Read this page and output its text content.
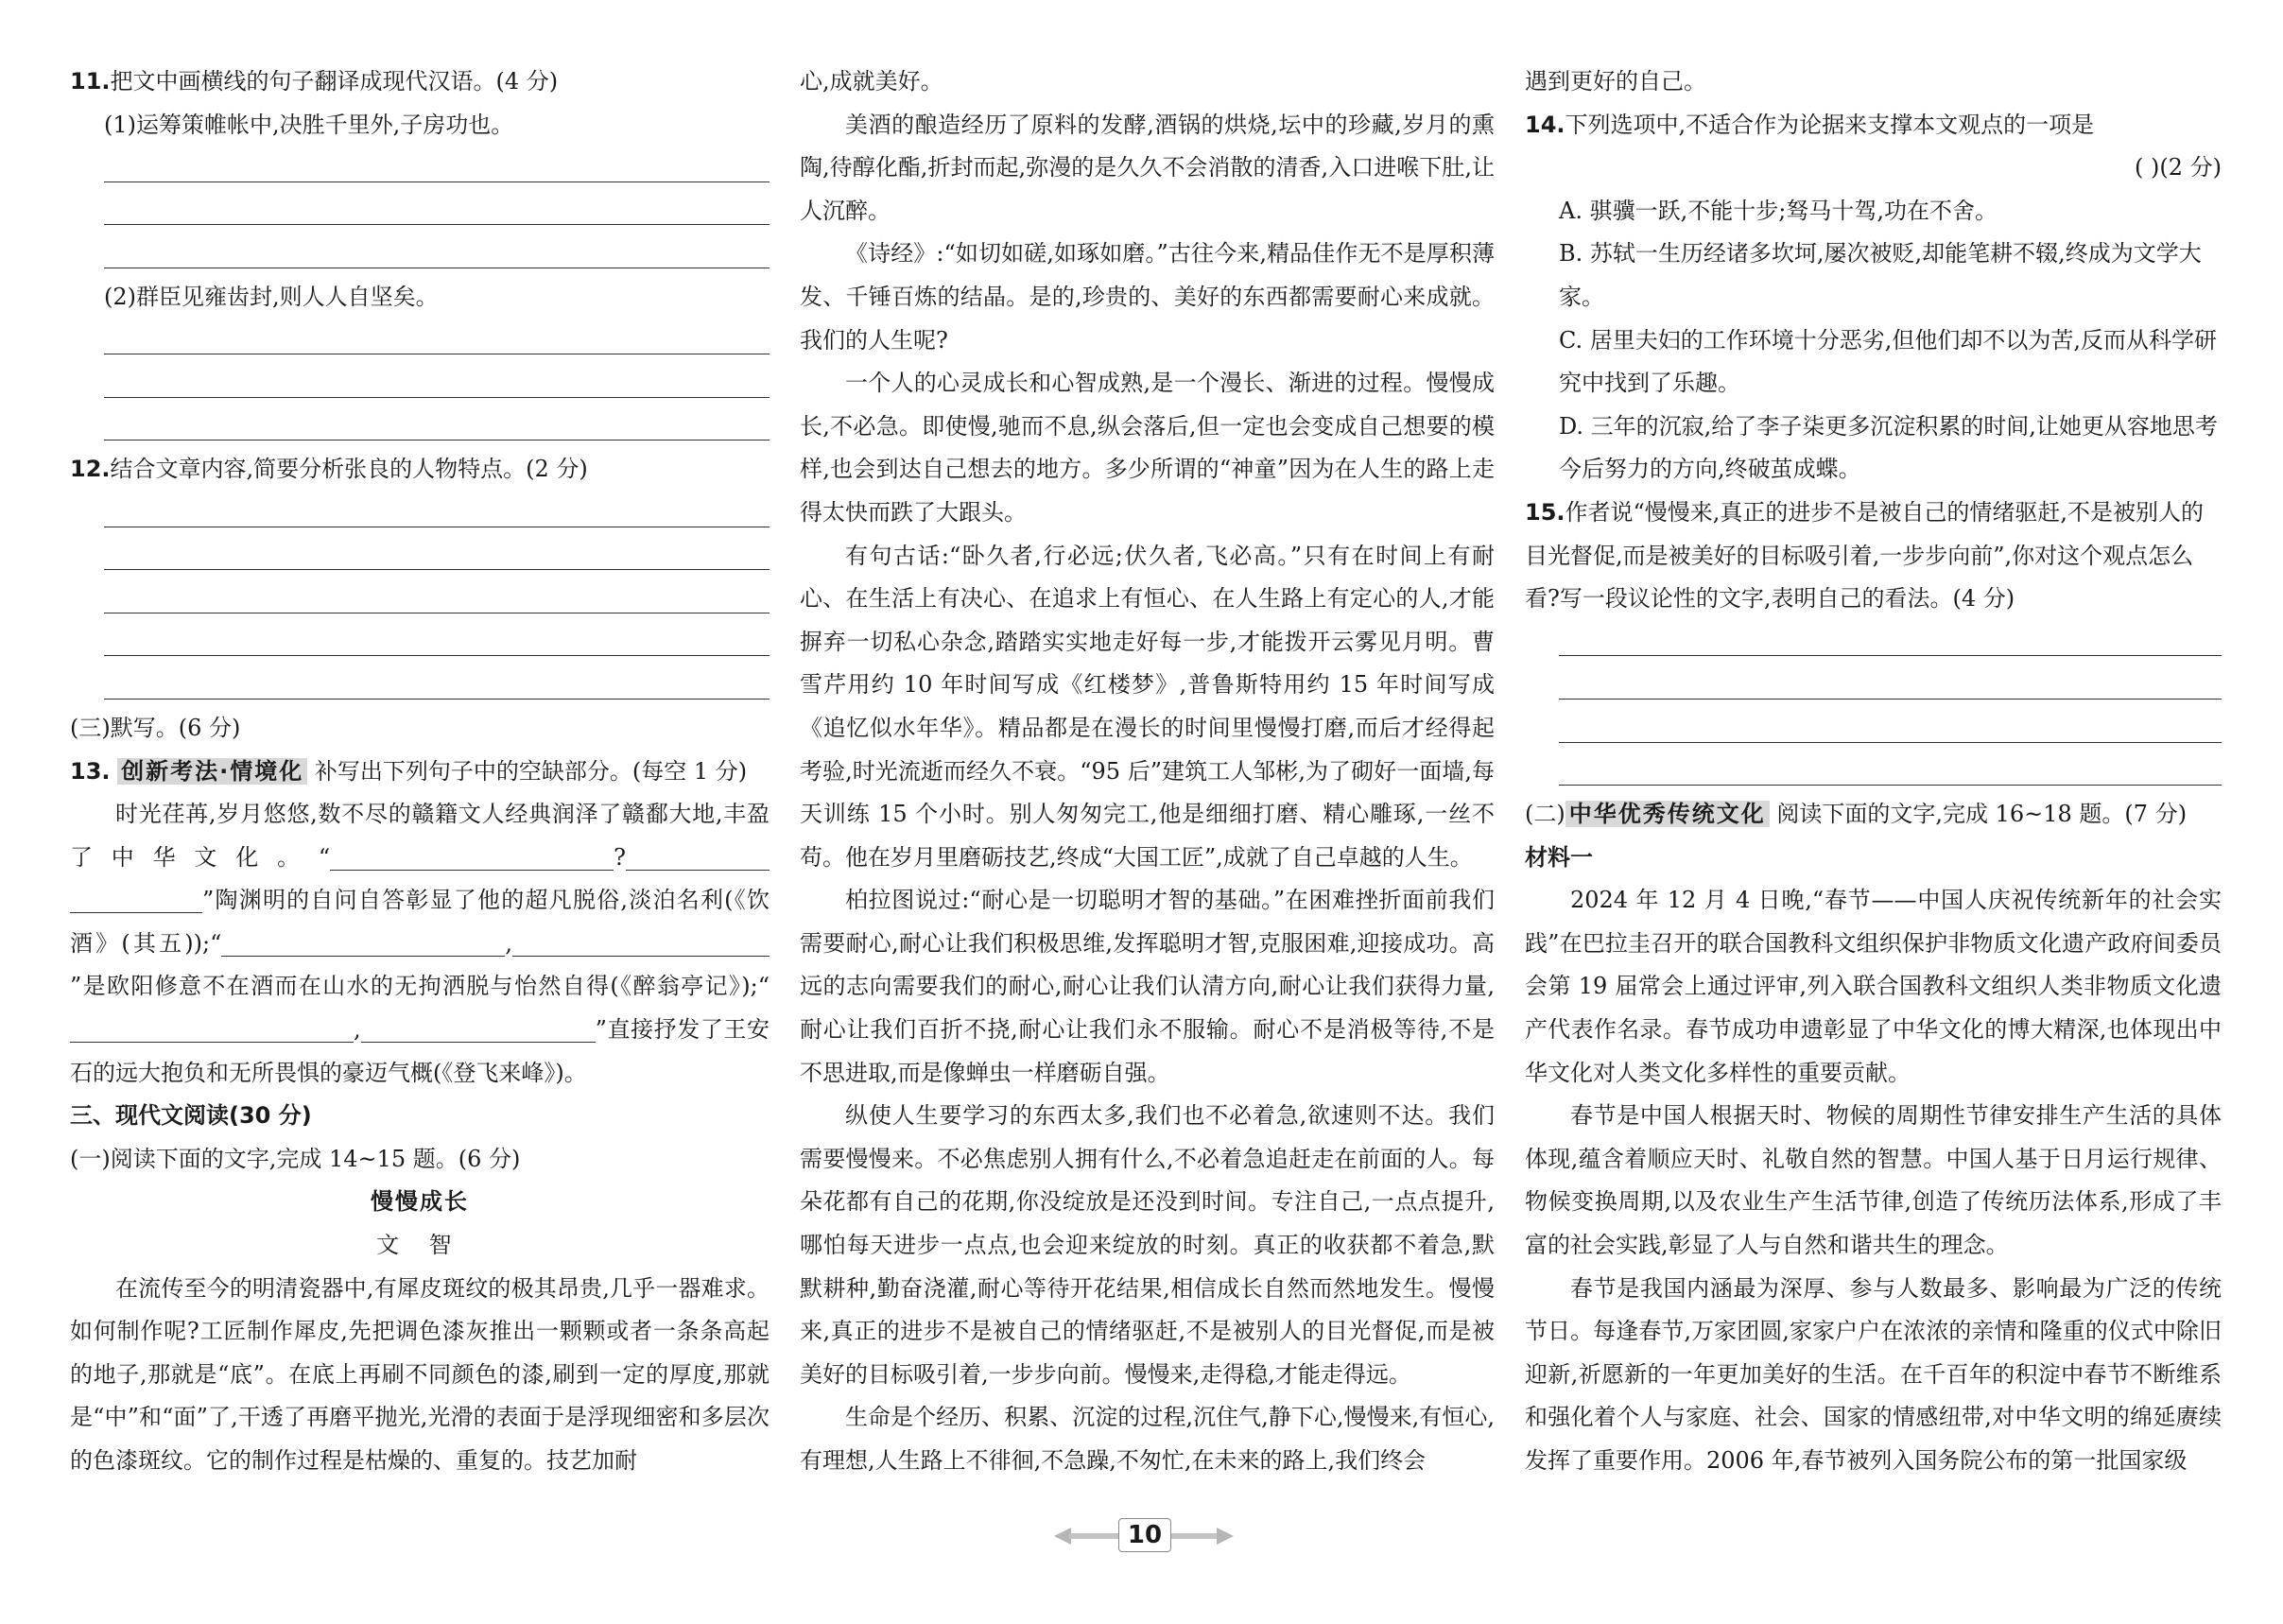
11.把文中画横线的句子翻译成现代汉语。(4 分)

(1)运筹策帷帐中,决胜千里外,子房功也。

(2)群臣见雍齿封,则人人自坚矣。

12.结合文章内容,简要分析张良的人物特点。(2 分)

(三)默写。(6 分)

13. 创新考法·情境化 补写出下列句子中的空缺部分。(每空 1 分)

时光荏苒,岁月悠悠,数不尽的赣籍文人经典润泽了赣鄱大地,丰盈了中华文化。“	?”陶渊明的自问自答彰显了他的超凡脱俗,淡泊名利(《饮酒》(其五));“	,”是欧阳修意不在酒而在山水的无拘洒脱与怡然自得(《醉翁亭记》);“,	”直接抒发了王安石的远大抱负和无所畏惧的豪迈气概(《登飞来峰》)。

三、现代文阅读(30 分)

(一)阅读下面的文字,完成 14~15 题。(6 分)

慢慢成长

文 智

在流传至今的明清瓷器中,有犀皮斑纹的极其昂贵,几乎一器难求。如何制作呢?工匠制作犀皮,先把调色漆灰推出一颗颗或者一条条高起的地子,那就是“底”。在底上再刷不同颜色的漆,刷到一定的厚度,那就是“中”和“面”了,干透了再磨平抛光,光滑的表面于是浮现细密和多层次的色漆斑纹。它的制作过程是枯燥的、重复的。技艺加耐

心,成就美好。

美酒的酿造经历了原料的发酵,酒锅的烘烧,坛中的珍藏,岁月的熏陶,待醇化酯,折封而起,弥漫的是久久不会消散的清香,入口进喉下肚,让人沉醉。

《诗经》:“如切如磋,如琢如磨。”古往今来,精品佳作无不是厚积薄发、千锤百炼的结晶。是的,珍贵的、美好的东西都需要耐心来成就。我们的人生呢?

一个人的心灵成长和心智成熟,是一个漫长、渐进的过程。慢慢成长,不必急。即使慢,驰而不息,纵会落后,但一定也会变成自己想要的模样,也会到达自己想去的地方。多少所谓的“神童”因为在人生的路上走得太快而跌了大跟头。

有句古话:“卧久者,行必远;伏久者,飞必高。”只有在时间上有耐心、在生活上有决心、在追求上有恒心、在人生路上有定心的人,才能摒弃一切私心杂念,踏踏实实地走好每一步,才能拨开云雾见月明。曹雪芹用约 10 年时间写成《红楼梦》,普鲁斯特用约 15 年时间写成《追忆似水年华》。精品都是在漫长的时间里慢慢打磨,而后才经得起考验,时光流逝而经久不衰。“95 后”建筑工人邹彬,为了砌好一面墙,每天训练 15 个小时。别人匆匆完工,他是细细打磨、精心雕琢,一丝不苟。他在岁月里磨砺技艺,终成“大国工匠”,成就了自己卓越的人生。

柏拉图说过:“耐心是一切聪明才智的基础。”在困难挫折面前我们需要耐心,耐心让我们积极思维,发挥聪明才智,克服困难,迎接成功。高远的志向需要我们的耐心,耐心让我们认清方向,耐心让我们获得力量,耐心让我们百折不挠,耐心让我们永不服输。耐心不是消极等待,不是不思进取,而是像蝉虫一样磨砺自强。

纵使人生要学习的东西太多,我们也不必着急,欲速则不达。我们需要慢慢来。不必焦虑别人拥有什么,不必着急追赶走在前面的人。每朵花都有自己的花期,你没绽放是还没到时间。专注自己,一点点提升,哪怕每天进步一点点,也会迎来绽放的时刻。真正的收获都不着急,默默耕种,勤奋浇灌,耐心等待开花结果,相信成长自然而然地发生。慢慢来,真正的进步不是被自己的情绪驱赶,不是被别人的目光督促,而是被美好的目标吸引着,一步步向前。慢慢来,走得稳,才能走得远。

生命是个经历、积累、沉淀的过程,沉住气,静下心,慢慢来,有恒心,有理想,人生路上不徘徊,不急躁,不匆忙,在未来的路上,我们终会

遇到更好的自己。

14.下列选项中,不适合作为论据来支撑本文观点的一项是

( )(2 分)

A. 骐骥一跃,不能十步;驽马十驾,功在不舍。

B. 苏轼一生历经诸多坎坷,屡次被贬,却能笔耕不辍,终成为文学大家。

C. 居里夫妇的工作环境十分恶劣,但他们却不以为苦,反而从科学研究中找到了乐趣。

D. 三年的沉寂,给了李子柒更多沉淀积累的时间,让她更从容地思考今后努力的方向,终破茧成蝶。

15.作者说“慢慢来,真正的进步不是被自己的情绪驱赶,不是被别人的目光督促,而是被美好的目标吸引着,一步步向前”,你对这个观点怎么看?写一段议论性的文字,表明自己的看法。(4 分)

(二) 中华优秀传统文化 阅读下面的文字,完成 16~18 题。(7 分)

材料一

2024 年 12 月 4 日晚,“春节——中国人庆祝传统新年的社会实践”在巴拉圭召开的联合国教科文组织保护非物质文化遗产政府间委员会第 19 届常会上通过评审,列入联合国教科文组织人类非物质文化遗产代表作名录。春节成功申遗彰显了中华文化的博大精深,也体现出中华文化对人类文化多样性的重要贡献。

春节是中国人根据天时、物候的周期性节律安排生产生活的具体体现,蕴含着顺应天时、礼敬自然的智慧。中国人基于日月运行规律、物候变换周期,以及农业生产生活节律,创造了传统历法体系,形成了丰富的社会实践,彰显了人与自然和谐共生的理念。

春节是我国内涵最为深厚、参与人数最多、影响最为广泛的传统节日。每逢春节,万家团圆,家家户户在浓浓的亲情和隆重的仪式中除旧迎新,祈愿新的一年更加美好的生活。在千百年的积淀中春节不断维系和强化着个人与家庭、社会、国家的情感纽带,对中华文明的绵延赓续发挥了重要作用。2006 年,春节被列入国务院公布的第一批国家级

10
